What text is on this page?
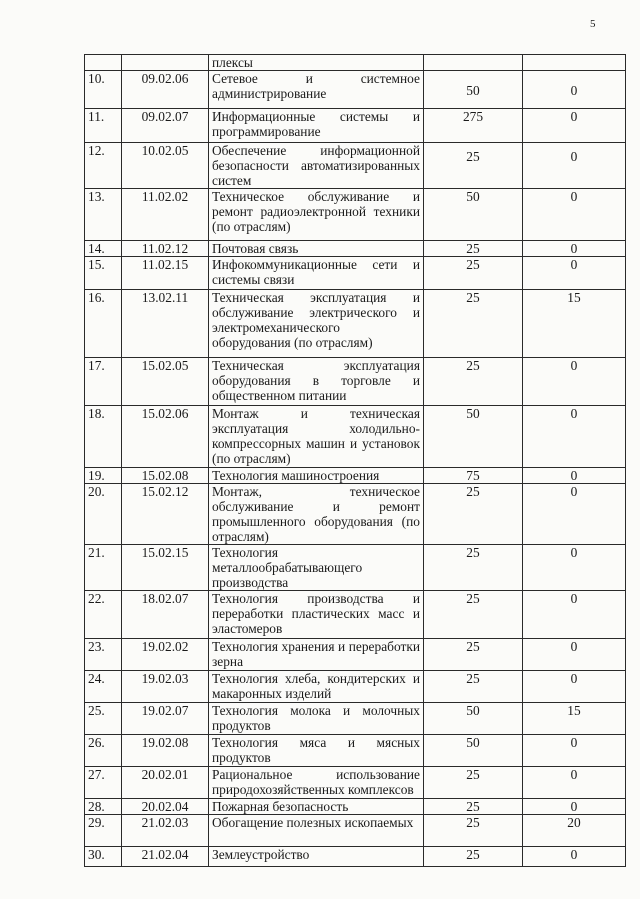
5

		плексы		

10.	09.02.06	Сетевое и системное администрирование	50	0
11.	09.02.07	Информационные системы и программирование	275	0
12.	10.02.05	Обеспечение информационной безопасности автоматизированных систем	25	0
13.	11.02.02	Техническое обслуживание и ремонт радиоэлектронной техники (по отраслям)	50	0
14.	11.02.12	Почтовая связь	25	0
15.	11.02.15	Инфокоммуникационные сети и системы связи	25	0
16.	13.02.11	Техническая эксплуатация и обслуживание электрического и электромеханического оборудования (по отраслям)	25	15
17.	15.02.05	Техническая эксплуатация оборудования в торговле и общественном питании	25	0
18.	15.02.06	Монтаж и техническая эксплуатация холодильно-компрессорных машин и установок (по отраслям)	50	0
19.	15.02.08	Технология машиностроения	75	0
20.	15.02.12	Монтаж, техническое обслуживание и ремонт промышленного оборудования (по отраслям)	25	0
21.	15.02.15	Технология металлообрабатывающего производства	25	0
22.	18.02.07	Технология производства и переработки пластических масс и эластомеров	25	0
23.	19.02.02	Технология хранения и переработки зерна	25	0
24.	19.02.03	Технология хлеба, кондитерских и макаронных изделий	25	0
25.	19.02.07	Технология молока и молочных продуктов	50	15
26.	19.02.08	Технология мяса и мясных продуктов	50	0
27.	20.02.01	Рациональное использование природохозяйственных комплексов	25	0
28.	20.02.04	Пожарная безопасность	25	0
29.	21.02.03	Обогащение полезных ископаемых	25	20
30.	21.02.04	Землеустройство	25	0
